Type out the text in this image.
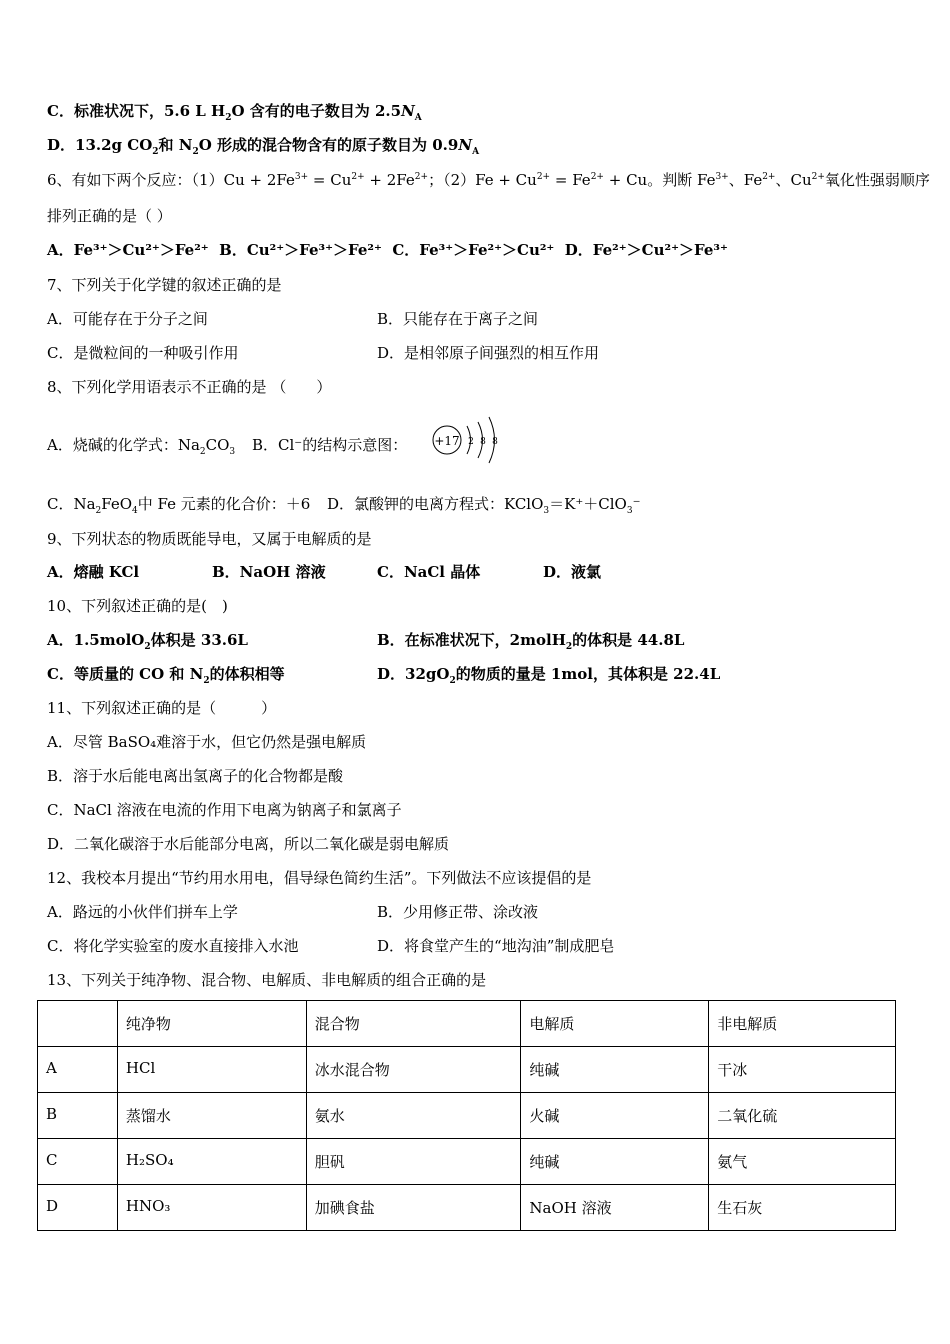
C．标准状况下，5.6 L $H_2O$ 含有的电子数目为 $2.5N_A$
D．13.2g $CO_2$和 $N_2O$ 形成的混合物含有的原子数目为 $0.9N_A$
6、有如下两个反应：$(1)Cu + 2Fe^{3+} = Cu^{2+} + 2Fe^{2+}$；$(2)Fe + Cu^{2+} = Fe^{2+} + Cu$。判断 $Fe^{3+}$、$Fe^{2+}$、$Cu^{2+}$氧化性强弱顺序
排列正确的是（ ）
A．Fe³⁺＞Cu²⁺＞Fe²⁺ B．Cu²⁺＞Fe³⁺＞Fe²⁺ C．Fe³⁺＞Fe²⁺＞Cu²⁺ D．Fe²⁺＞Cu²⁺＞Fe³⁺
7、下列关于化学键的叙述正确的是
A．可能存在于分子之间	B．只能存在于离子之间
C．是微粒间的一种吸引作用	D．是相邻原子间强烈的相互作用
8、下列化学用语表示不正确的是 （　　）
A．烧碱的化学式：$Na_2CO_3$ B．Cl⁻的结构示意图： +17 2 8 8
C．$Na_2FeO_4$中 Fe 元素的化合价：＋6 D．氯酸钾的电离方程式：KClO$_3$＝K⁺＋ClO$_3$⁻
9、下列状态的物质既能导电，又属于电解质的是
A．熔融 KCl	B．NaOH 溶液	C．NaCl 晶体	D．液氯
10、下列叙述正确的是(　)
A．1.5molO$_2$体积是 33.6L	B．在标准状况下，2molH$_2$的体积是 44.8L
C．等质量的 CO 和 $N_2$的体积相等	D．$32gO_2$的物质的量是 1mol，其体积是 22.4L
11、下列叙述正确的是（　　　）
A．尽管 BaSO₄难溶于水，但它仍然是强电解质
B．溶于水后能电离出氢离子的化合物都是酸
C．NaCl 溶液在电流的作用下电离为钠离子和氯离子
D．二氧化碳溶于水后能部分电离，所以二氧化碳是弱电解质
12、我校本月提出“节约用水用电，倡导绿色简约生活”。下列做法不应该提倡的是
A．路远的小伙伴们拼车上学	B．少用修正带、涂改液
C．将化学实验室的废水直接排入水池	D．将食堂产生的“地沟油”制成肥皂
13、下列关于纯净物、混合物、电解质、非电解质的组合正确的是
	纯净物	混合物	电解质	非电解质
A	HCl	冰水混合物	纯碱	干冰
B	蒸馏水	氨水	火碱	二氧化硫
C	H₂SO₄	胆矾	纯碱	氨气
D	HNO₃	加碘食盐	NaOH 溶液	生石灰
